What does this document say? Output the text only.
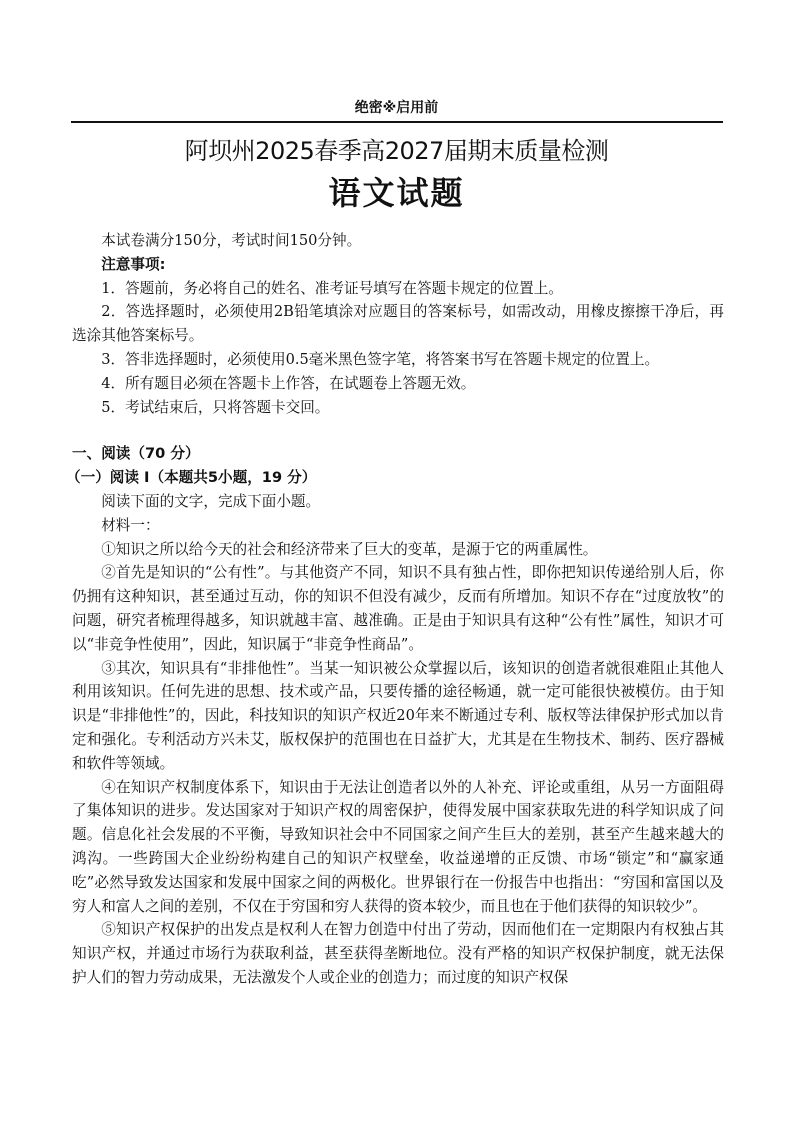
绝密※启用前
阿坝州2025春季高2027届期末质量检测
语文试题

本试卷满分150分，考试时间150分钟。

注意事项:

1．答题前，务必将自己的姓名、准考证号填写在答题卡规定的位置上。

2．答选择题时，必须使用2B铅笔填涂对应题目的答案标号，如需改动，用橡皮擦擦干净后，再选涂其他答案标号。

3．答非选择题时，必须使用0.5毫米黑色签字笔，将答案书写在答题卡规定的位置上。

4．所有题目必须在答题卡上作答，在试题卷上答题无效。

5．考试结束后，只将答题卡交回。

一、阅读（70 分）

（一）阅读 Ⅰ（本题共5小题，19 分）

阅读下面的文字，完成下面小题。

材料一：

①知识之所以给今天的社会和经济带来了巨大的变革，是源于它的两重属性。

②首先是知识的“公有性”。与其他资产不同，知识不具有独占性，即你把知识传递给别人后，你仍拥有这种知识，甚至通过互动，你的知识不但没有减少，反而有所增加。知识不存在“过度放牧”的问题，研究者梳理得越多，知识就越丰富、越准确。正是由于知识具有这种“公有性”属性，知识才可以“非竞争性使用”，因此，知识属于“非竞争性商品”。

③其次，知识具有“非排他性”。当某一知识被公众掌握以后，该知识的创造者就很难阻止其他人利用该知识。任何先进的思想、技术或产品，只要传播的途径畅通，就一定可能很快被模仿。由于知识是“非排他性”的，因此，科技知识的知识产权近20年来不断通过专利、版权等法律保护形式加以肯定和强化。专利活动方兴未艾，版权保护的范围也在日益扩大，尤其是在生物技术、制药、医疗器械和软件等领域。

④在知识产权制度体系下，知识由于无法让创造者以外的人补充、评论或重组，从另一方面阻碍了集体知识的进步。发达国家对于知识产权的周密保护，使得发展中国家获取先进的科学知识成了问题。信息化社会发展的不平衡，导致知识社会中不同国家之间产生巨大的差别，甚至产生越来越大的鸿沟。一些跨国大企业纷纷构建自己的知识产权壁垒，收益递增的正反馈、市场“锁定”和“赢家通吃”必然导致发达国家和发展中国家之间的两极化。世界银行在一份报告中也指出：“穷国和富国以及穷人和富人之间的差别，不仅在于穷国和穷人获得的资本较少，而且也在于他们获得的知识较少”。

⑤知识产权保护的出发点是权利人在智力创造中付出了劳动，因而他们在一定期限内有权独占其知识产权，并通过市场行为获取利益，甚至获得垄断地位。没有严格的知识产权保护制度，就无法保护人们的智力劳动成果，无法激发个人或企业的创造力；而过度的知识产权保
